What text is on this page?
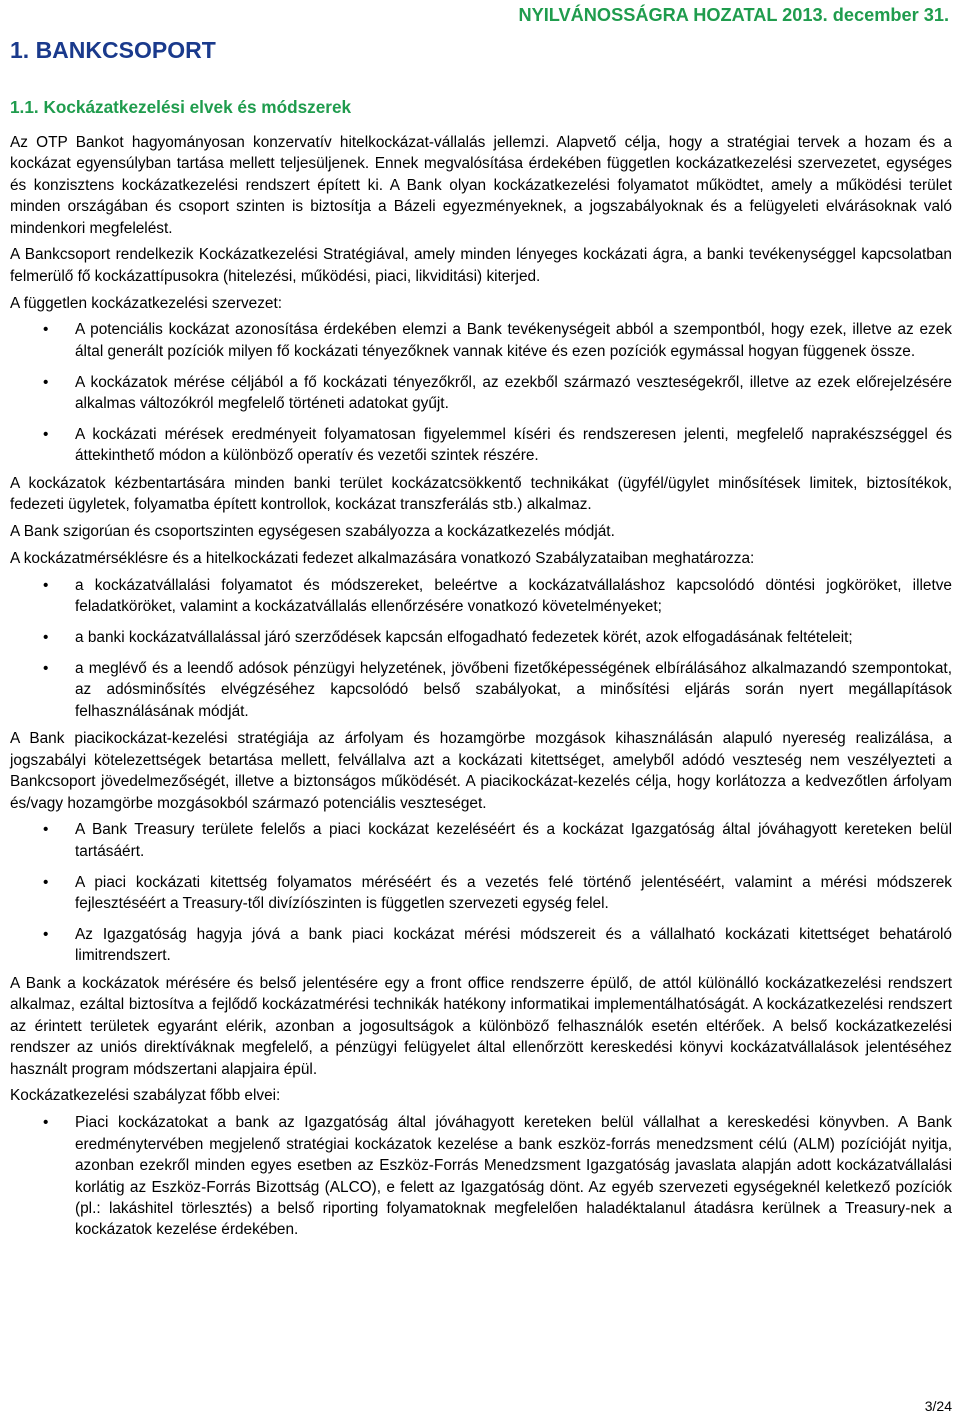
NYILVÁNOSSÁGRA HOZATAL 2013. december 31.
1. BANKCSOPORT
1.1. Kockázatkezelési elvek és módszerek

Az OTP Bankot hagyományosan konzervatív hitelkockázat-vállalás jellemzi. Alapvető célja, hogy a stratégiai tervek a hozam és a kockázat egyensúlyban tartása mellett teljesüljenek. Ennek megvalósítása érdekében független kockázatkezelési szervezetet, egységes és konzisztens kockázatkezelési rendszert épített ki. A Bank olyan kockázatkezelési folyamatot működtet, amely a működési terület minden országában és csoport szinten is biztosítja a Bázeli egyezményeknek, a jogszabályoknak és a felügyeleti elvárásoknak való mindenkori megfelelést.

A Bankcsoport rendelkezik Kockázatkezelési Stratégiával, amely minden lényeges kockázati ágra, a banki tevékenységgel kapcsolatban felmerülő fő kockázattípusokra (hitelezési, működési, piaci, likviditási) kiterjed.

A független kockázatkezelési szervezet:

• A potenciális kockázat azonosítása érdekében elemzi a Bank tevékenységeit abból a szempontból, hogy ezek, illetve az ezek által generált pozíciók milyen fő kockázati tényezőknek vannak kitéve és ezen pozíciók egymással hogyan függenek össze.
• A kockázatok mérése céljából a fő kockázati tényezőkről, az ezekből származó veszteségekről, illetve az ezek előrejelzésére alkalmas változókról megfelelő történeti adatokat gyűjt.
• A kockázati mérések eredményeit folyamatosan figyelemmel kíséri és rendszeresen jelenti, megfelelő naprakészséggel és áttekinthető módon a különböző operatív és vezetői szintek részére.

A kockázatok kézbentartására minden banki terület kockázatcsökkentő technikákat (ügyfél/ügylet minősítések limitek, biztosítékok, fedezeti ügyletek, folyamatba épített kontrollok, kockázat transzferálás stb.) alkalmaz.

A Bank szigorúan és csoportszinten egységesen szabályozza a kockázatkezelés módját.

A kockázatmérséklésre és a hitelkockázati fedezet alkalmazására vonatkozó Szabályzataiban meghatározza:

• a kockázatvállalási folyamatot és módszereket, beleértve a kockázatvállaláshoz kapcsolódó döntési jogköröket, illetve feladatköröket, valamint a kockázatvállalás ellenőrzésére vonatkozó követelményeket;
• a banki kockázatvállalással járó szerződések kapcsán elfogadható fedezetek körét, azok elfogadásának feltételeit;
• a meglévő és a leendő adósok pénzügyi helyzetének, jövőbeni fizetőképességének elbírálásához alkalmazandó szempontokat, az adósminősítés elvégzéséhez kapcsolódó belső szabályokat, a minősítési eljárás során nyert megállapítások felhasználásának módját.

A Bank piacikockázat-kezelési stratégiája az árfolyam és hozamgörbe mozgások kihasználásán alapuló nyereség realizálása, a jogszabályi kötelezettségek betartása mellett, felvállalva azt a kockázati kitettséget, amelyből adódó veszteség nem veszélyezteti a Bankcsoport jövedelmezőségét, illetve a biztonságos működését. A piacikockázat-kezelés célja, hogy korlátozza a kedvezőtlen árfolyam és/vagy hozamgörbe mozgásokból származó potenciális veszteséget.

• A Bank Treasury területe felelős a piaci kockázat kezeléséért és a kockázat Igazgatóság által jóváhagyott kereteken belül tartásáért.
• A piaci kockázati kitettség folyamatos méréséért és a vezetés felé történő jelentéséért, valamint a mérési módszerek fejlesztéséért a Treasury-től divízíószinten is független szervezeti egység felel.
• Az Igazgatóság hagyja jóvá a bank piaci kockázat mérési módszereit és a vállalható kockázati kitettséget behatároló limitrendszert.

A Bank a kockázatok mérésére és belső jelentésére egy a front office rendszerre épülő, de attól különálló kockázatkezelési rendszert alkalmaz, ezáltal biztosítva a fejlődő kockázatmérési technikák hatékony informatikai implementálhatóságát. A kockázatkezelési rendszert az érintett területek egyaránt elérik, azonban a jogosultságok a különböző felhasználók esetén eltérőek. A belső kockázatkezelési rendszer az uniós direktíváknak megfelelő, a pénzügyi felügyelet által ellenőrzött kereskedési könyvi kockázatvállalások jelentéséhez használt program módszertani alapjaira épül.

Kockázatkezelési szabályzat főbb elvei:

• Piaci kockázatokat a bank az Igazgatóság által jóváhagyott kereteken belül vállalhat a kereskedési könyvben. A Bank eredménytervében megjelenő stratégiai kockázatok kezelése a bank eszköz-forrás menedzsment célú (ALM) pozícióját nyitja, azonban ezekről minden egyes esetben az Eszköz-Forrás Menedzsment Igazgatóság javaslata alapján adott kockázatvállalási korlátig az Eszköz-Forrás Bizottság (ALCO), e felett az Igazgatóság dönt. Az egyéb szervezeti egységeknél keletkező pozíciók (pl.: lakáshitel törlesztés) a belső riporting folyamatoknak megfelelően haladéktalanul átadásra kerülnek a Treasury-nek a kockázatok kezelése érdekében.
3/24
